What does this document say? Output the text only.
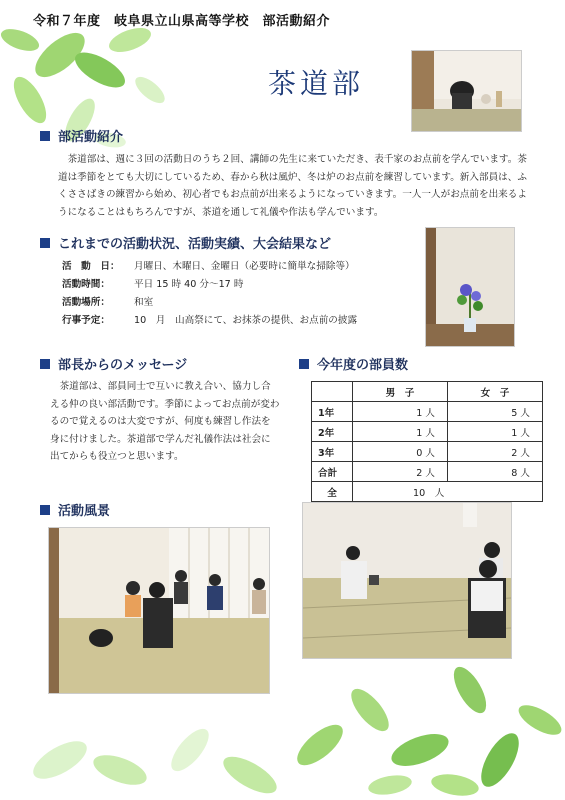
令和７年度　岐阜県立山県高等学校　部活動紹介
茶道部
部活動紹介
茶道部は、週に３回の活動日のうち２回、講師の先生に来ていただき、表千家のお点前を学んでいます。茶道は季節をとても大切にしているため、春から秋は風炉、冬は炉のお点前を練習しています。新入部員は、ふくささばきの練習から始め、初心者でもお点前が出来るようになっていきます。一人一人がお点前を出来るようになることはもちろんですが、茶道を通して礼儀や作法も学んでいます。
これまでの活動状況、活動実績、大会結果など
活　動　日：	月曜日、木曜日、金曜日（必要時に簡単な掃除等）
活動時間：	平日 15 時 40 分～17 時
活動場所：	和室
行事予定：	10　月　山高祭にて、お抹茶の提供、お点前の披露
部長からのメッセージ
茶道部は、部員同士で互いに教え合い、協力し合える仲の良い部活動です。季節によってお点前が変わるので覚えるのは大変ですが、何度も練習し作法を身に付けました。茶道部で学んだ礼儀作法は社会に出てからも役立つと思います。
今年度の部員数
	男　子	女　子
1年	1 人	5 人
2年	1 人	1 人
3年	0 人	2 人
合計	2 人	8 人
全	10　人	
活動風景
